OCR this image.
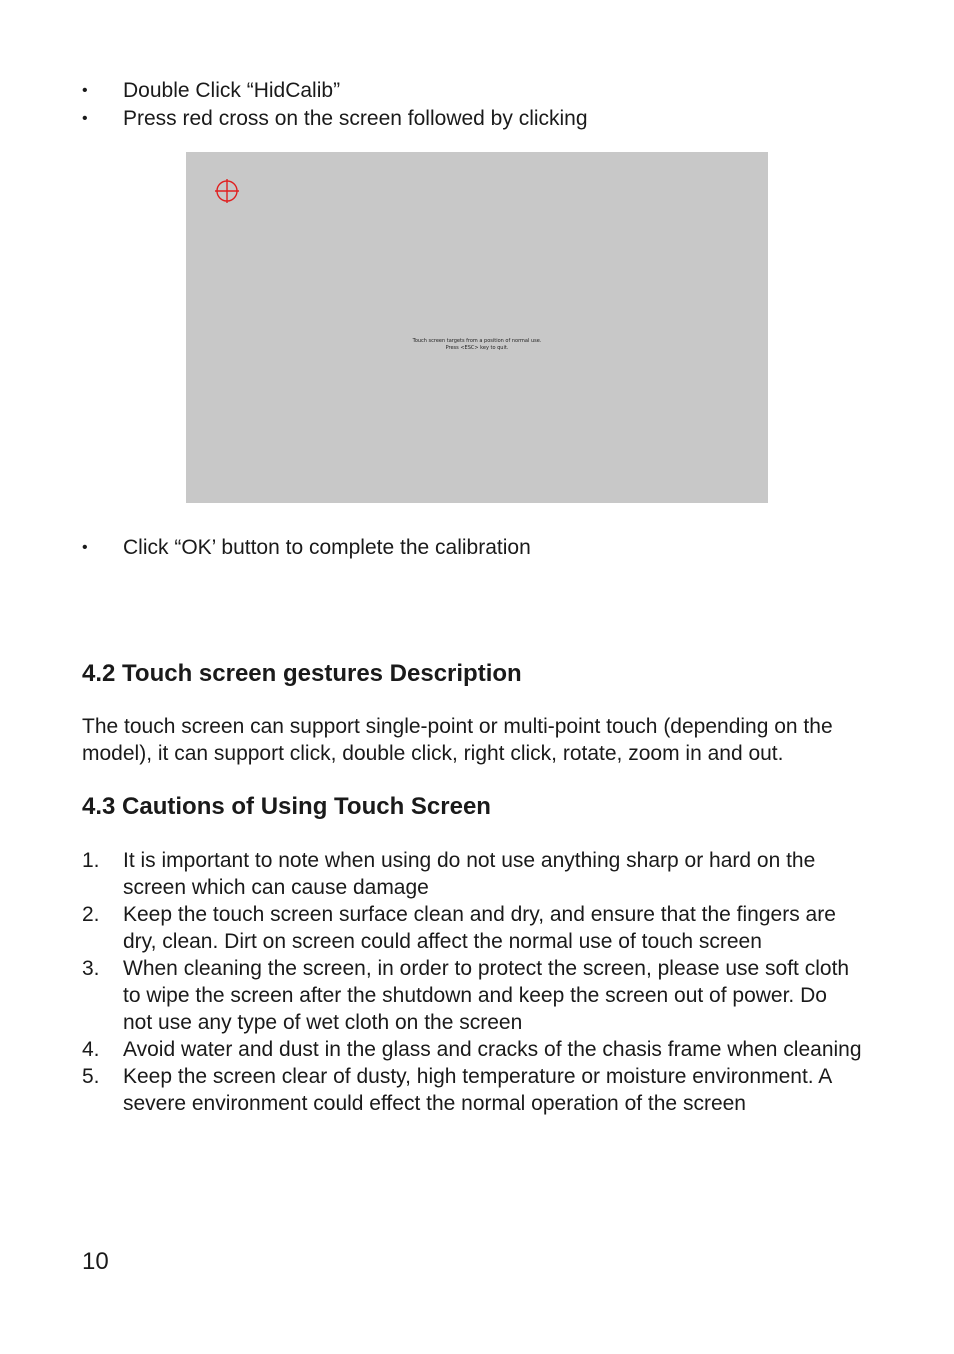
• Double Click “HidCalib”
• Press red cross on the screen followed by clicking
Touch screen targets from a position of normal use.
Press <ESC> key to quit.
• Click “OK’ button to complete the calibration
4.2 Touch screen gestures Description
The touch screen can support single-point or multi-point touch (depending on the
model), it can support click, double click, right click, rotate, zoom in and out.
4.3 Cautions of Using Touch Screen
1. It is important to note when using do not use anything sharp or hard on the
screen which can cause damage
2. Keep the touch screen surface clean and dry, and ensure that the fingers are
dry, clean. Dirt on screen could affect the normal use of touch screen
3. When cleaning the screen, in order to protect the screen, please use soft cloth
to wipe the screen after the shutdown and keep the screen out of power. Do
not use any type of wet cloth on the screen
4. Avoid water and dust in the glass and cracks of the chasis frame when cleaning
5. Keep the screen clear of dusty, high temperature or moisture environment. A
severe environment could effect the normal operation of the screen
10
